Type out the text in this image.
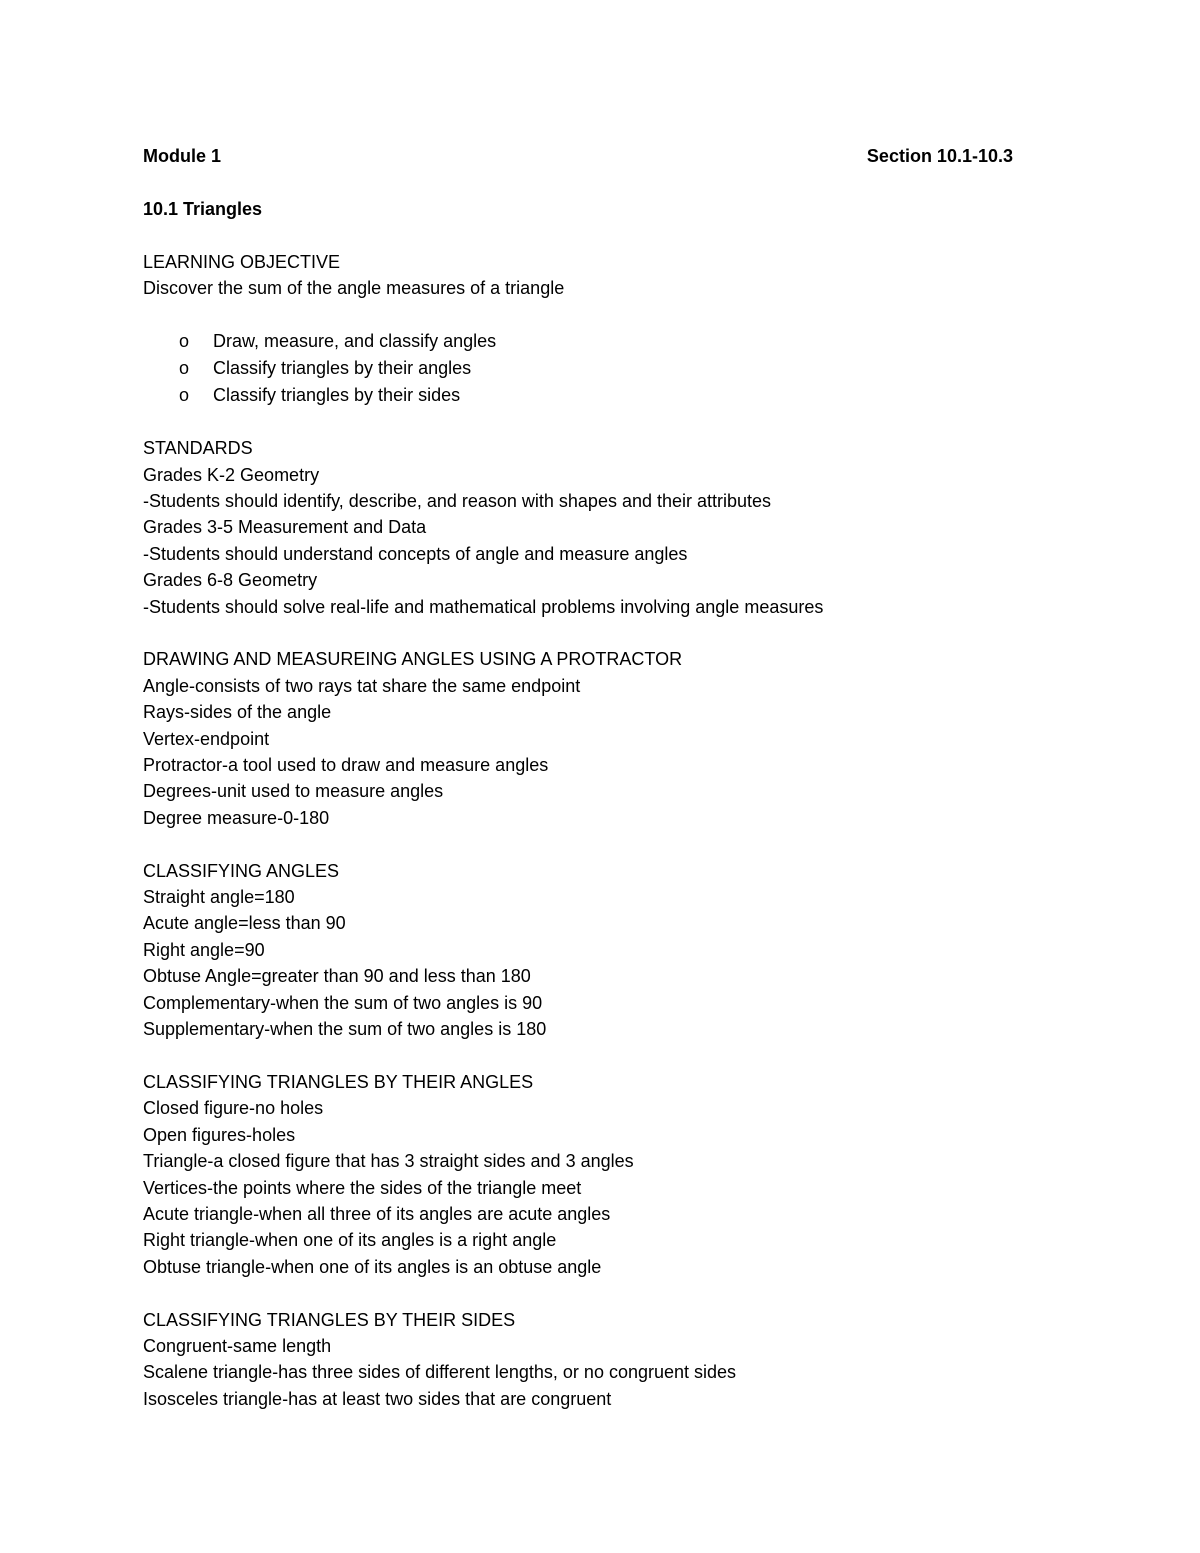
Module 1	Section 10.1-10.3
10.1 Triangles
LEARNING OBJECTIVE
Discover the sum of the angle measures of a triangle
o	Draw, measure, and classify angles
o	Classify triangles by their angles
o	Classify triangles by their sides
STANDARDS
Grades K-2 Geometry
-Students should identify, describe, and reason with shapes and their attributes
Grades 3-5 Measurement and Data
-Students should understand concepts of angle and measure angles
Grades 6-8 Geometry
-Students should solve real-life and mathematical problems involving angle measures
DRAWING AND MEASUREING ANGLES USING A PROTRACTOR
Angle-consists of two rays tat share the same endpoint
Rays-sides of the angle
Vertex-endpoint
Protractor-a tool used to draw and measure angles
Degrees-unit used to measure angles
Degree measure-0-180
CLASSIFYING ANGLES
Straight angle=180
Acute angle=less than 90
Right angle=90
Obtuse Angle=greater than 90 and less than 180
Complementary-when the sum of two angles is 90
Supplementary-when the sum of two angles is 180
CLASSIFYING TRIANGLES BY THEIR ANGLES
Closed figure-no holes
Open figures-holes
Triangle-a closed figure that has 3 straight sides and 3 angles
Vertices-the points where the sides of the triangle meet
Acute triangle-when all three of its angles are acute angles
Right triangle-when one of its angles is a right angle
Obtuse triangle-when one of its angles is an obtuse angle
CLASSIFYING TRIANGLES BY THEIR SIDES
Congruent-same length
Scalene triangle-has three sides of different lengths, or no congruent sides
Isosceles triangle-has at least two sides that are congruent
